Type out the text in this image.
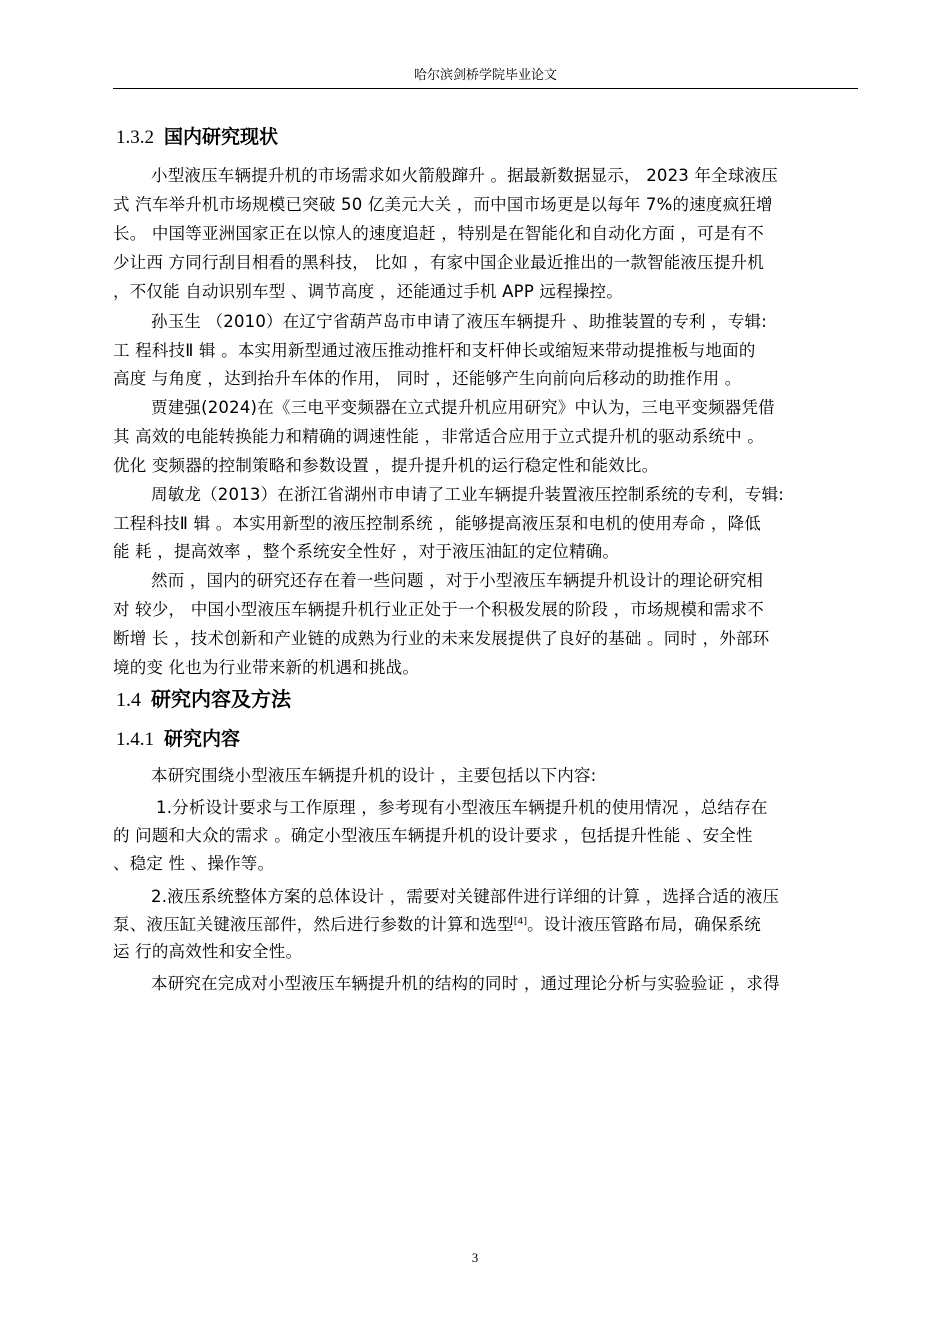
哈尔滨剑桥学院毕业论文
1.3.2 国内研究现状
小型液压车辆提升机的市场需求如火箭般蹿升 。据最新数据显示， 2023 年全球液压
式 汽车举升机市场规模已突破 50 亿美元大关 ，而中国市场更是以每年 7%的速度疯狂增
长。 中国等亚洲国家正在以惊人的速度追赶 ，特别是在智能化和自动化方面 ，可是有不
少让西 方同行刮目相看的黑科技， 比如 ，有家中国企业最近推出的一款智能液压提升机
，不仅能 自动识别车型 、调节高度 ，还能通过手机 APP 远程操控。
孙玉生 （2010）在辽宁省葫芦岛市申请了液压车辆提升 、助推装置的专利 ，专辑:
工 程科技Ⅱ 辑 。本实用新型通过液压推动推杆和支杆伸长或缩短来带动提推板与地面的
高度 与角度 ，达到抬升车体的作用， 同时 ，还能够产生向前向后移动的助推作用 。
贾建强(2024)在《三电平变频器在立式提升机应用研究》中认为，三电平变频器凭借
其 高效的电能转换能力和精确的调速性能 ，非常适合应用于立式提升机的驱动系统中 。
优化 变频器的控制策略和参数设置 ，提升提升机的运行稳定性和能效比。
周敏龙（2013）在浙江省湖州市申请了工业车辆提升装置液压控制系统的专利，专辑:
工程科技Ⅱ 辑 。本实用新型的液压控制系统 ，能够提高液压泵和电机的使用寿命 ，降低
能 耗 ，提高效率 ，整个系统安全性好 ，对于液压油缸的定位精确。
然而 ，国内的研究还存在着一些问题 ，对于小型液压车辆提升机设计的理论研究相
对 较少， 中国小型液压车辆提升机行业正处于一个积极发展的阶段 ，市场规模和需求不
断增 长 ，技术创新和产业链的成熟为行业的未来发展提供了良好的基础 。同时 ，外部环
境的变 化也为行业带来新的机遇和挑战。
1.4 研究内容及方法
1.4.1 研究内容
本研究围绕小型液压车辆提升机的设计 ，主要包括以下内容:
1.分析设计要求与工作原理 ，参考现有小型液压车辆提升机的使用情况 ，总结存在
的 问题和大众的需求 。确定小型液压车辆提升机的设计要求 ，包括提升性能 、安全性
、稳定 性 、操作等。
2.液压系统整体方案的总体设计 ，需要对关键部件进行详细的计算 ，选择合适的液压
泵、液压缸关键液压部件，然后进行参数的计算和选型[4]。设计液压管路布局，确保系统
运 行的高效性和安全性。
本研究在完成对小型液压车辆提升机的结构的同时 ，通过理论分析与实验验证 ，求得
3
